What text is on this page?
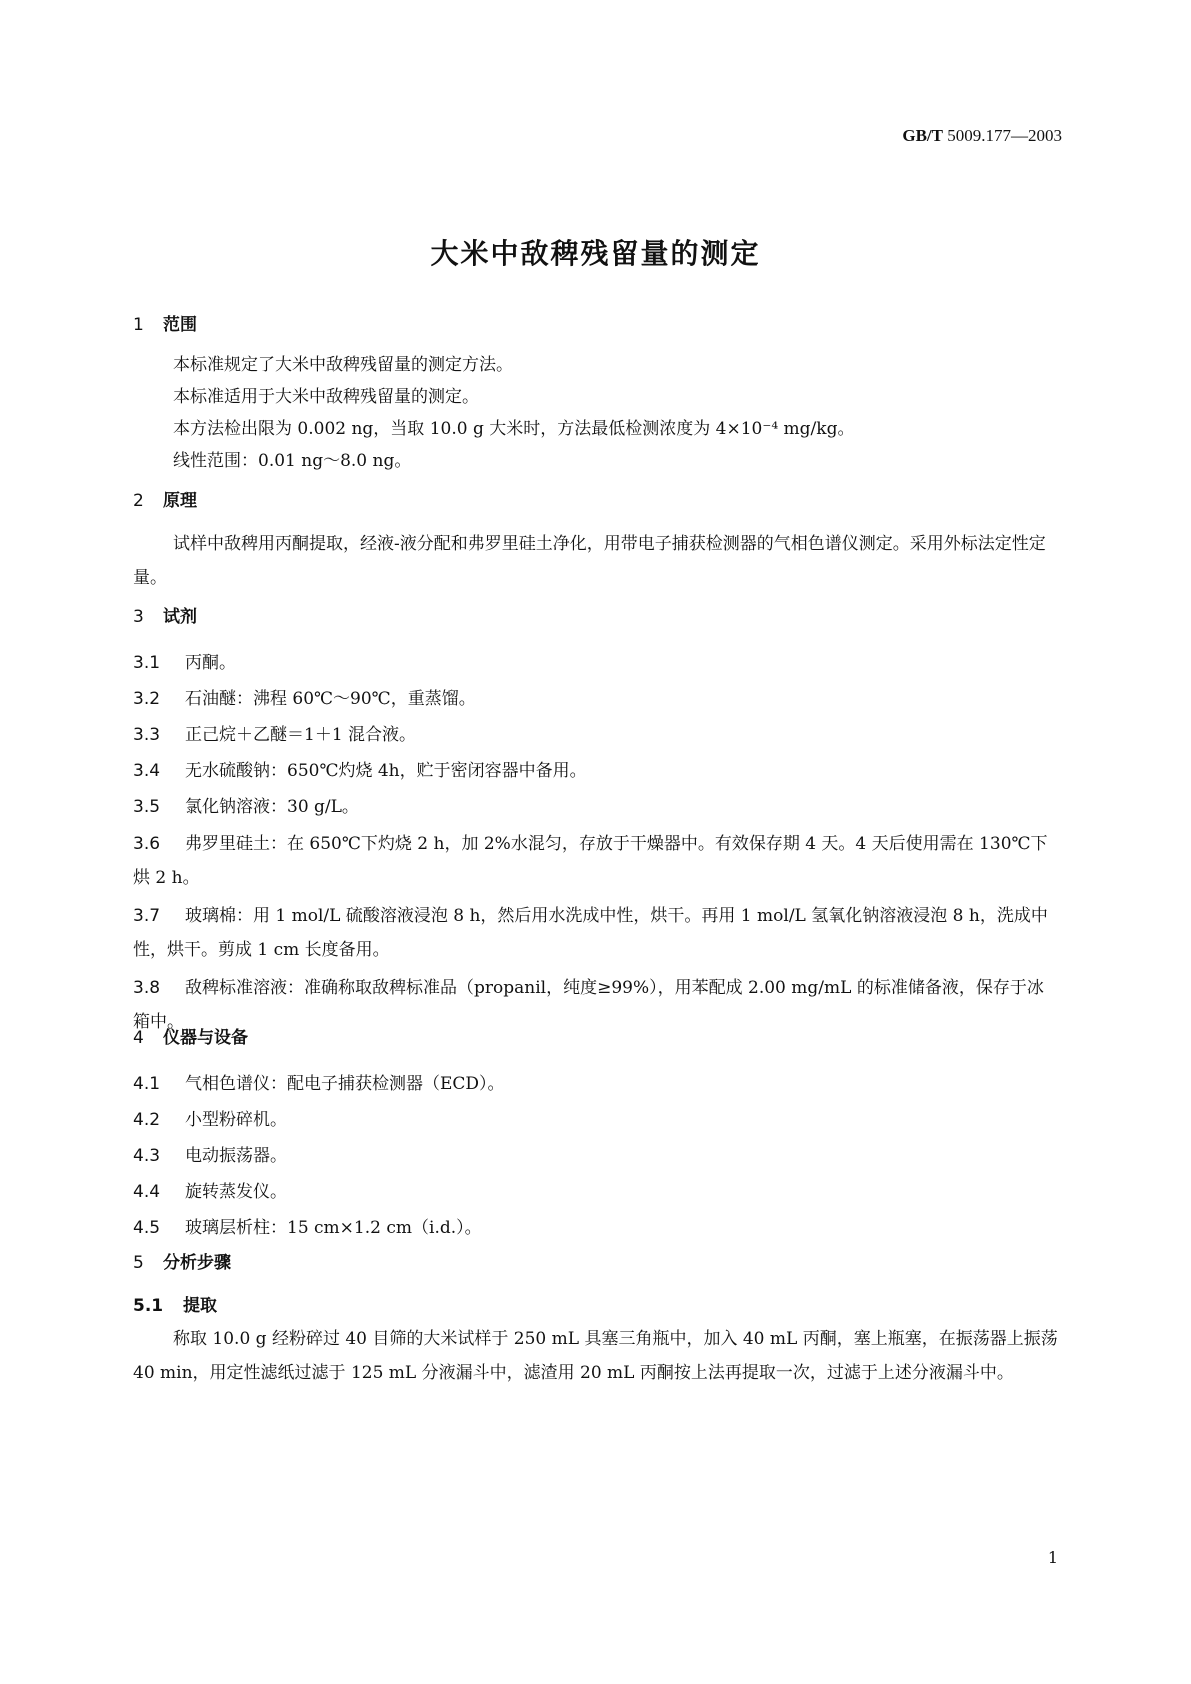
GB/T 5009.177—2003
大米中敌稗残留量的测定
1 范围

本标准规定了大米中敌稗残留量的测定方法。

本标准适用于大米中敌稗残留量的测定。

本方法检出限为 0.002 ng，当取 10.0 g 大米时，方法最低检测浓度为 4×10⁻⁴ mg/kg。

线性范围：0.01 ng～8.0 ng。

2 原理

试样中敌稗用丙酮提取，经液-液分配和弗罗里硅土净化，用带电子捕获检测器的气相色谱仪测定。采用外标法定性定量。

3 试剂

3.1 丙酮。

3.2 石油醚：沸程 60℃～90℃，重蒸馏。

3.3 正己烷＋乙醚＝1＋1 混合液。

3.4 无水硫酸钠：650℃灼烧 4h，贮于密闭容器中备用。

3.5 氯化钠溶液：30 g/L。

3.6 弗罗里硅土：在 650℃下灼烧 2 h，加 2%水混匀，存放于干燥器中。有效保存期 4 天。4 天后使用需在 130℃下烘 2 h。

3.7 玻璃棉：用 1 mol/L 硫酸溶液浸泡 8 h，然后用水洗成中性，烘干。再用 1 mol/L 氢氧化钠溶液浸泡 8 h，洗成中性，烘干。剪成 1 cm 长度备用。

3.8 敌稗标准溶液：准确称取敌稗标准品（propanil，纯度≥99%），用苯配成 2.00 mg/mL 的标准储备液，保存于冰箱中。

4 仪器与设备

4.1 气相色谱仪：配电子捕获检测器（ECD）。

4.2 小型粉碎机。

4.3 电动振荡器。

4.4 旋转蒸发仪。

4.5 玻璃层析柱：15 cm×1.2 cm（i.d.）。

5 分析步骤
5.1 提取

称取 10.0 g 经粉碎过 40 目筛的大米试样于 250 mL 具塞三角瓶中，加入 40 mL 丙酮，塞上瓶塞，在振荡器上振荡 40 min，用定性滤纸过滤于 125 mL 分液漏斗中，滤渣用 20 mL 丙酮按上法再提取一次，过滤于上述分液漏斗中。

1
